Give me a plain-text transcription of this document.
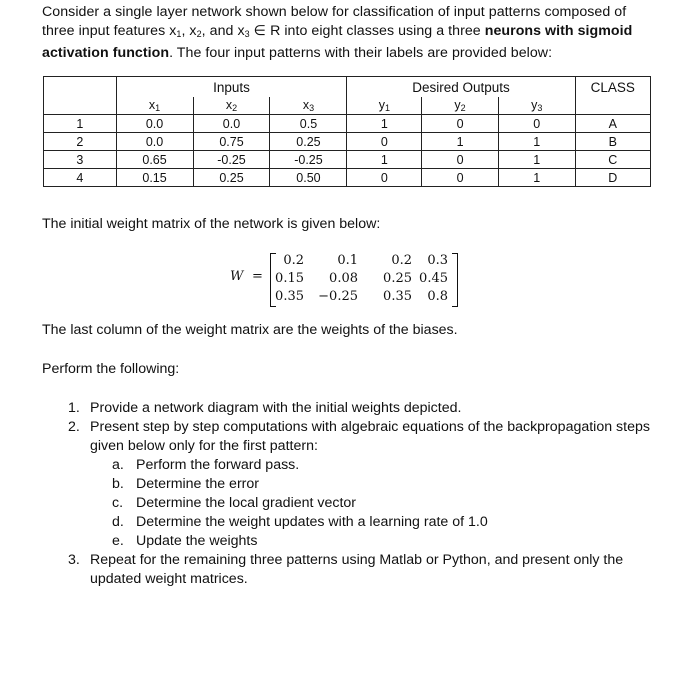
Consider a single layer network shown below for classification of input patterns composed of three input features $x_1$, $x_2$, and $x_3$ ∈ R into eight classes using a three neurons with sigmoid activation function. The four input patterns with their labels are provided below:
	Inputs			Desired Outputs			CLASS
	$x_1$	$x_2$	$x_3$	$y_1$	$y_2$	$y_3$	
1	0.0	0.0	0.5	1	0	0	A
2	0.0	0.75	0.25	0	1	1	B
3	0.65	-0.25	-0.25	1	0	1	C
4	0.15	0.25	0.50	0	0	1	D
The initial weight matrix of the network is given below:
W =
0.2	0.1	0.2 0.3
0.15 0.08 0.25 0.45
0.35 −0.25 0.35 0.8
The last column of the weight matrix are the weights of the biases.
Perform the following:
1. Provide a network diagram with the initial weights depicted.
2. Present step by step computations with algebraic equations of the backpropagation steps given below only for the first pattern:
a. Perform the forward pass.
b. Determine the error
c. Determine the local gradient vector
d. Determine the weight updates with a learning rate of 1.0
e. Update the weights
3. Repeat for the remaining three patterns using Matlab or Python, and present only the updated weight matrices.
